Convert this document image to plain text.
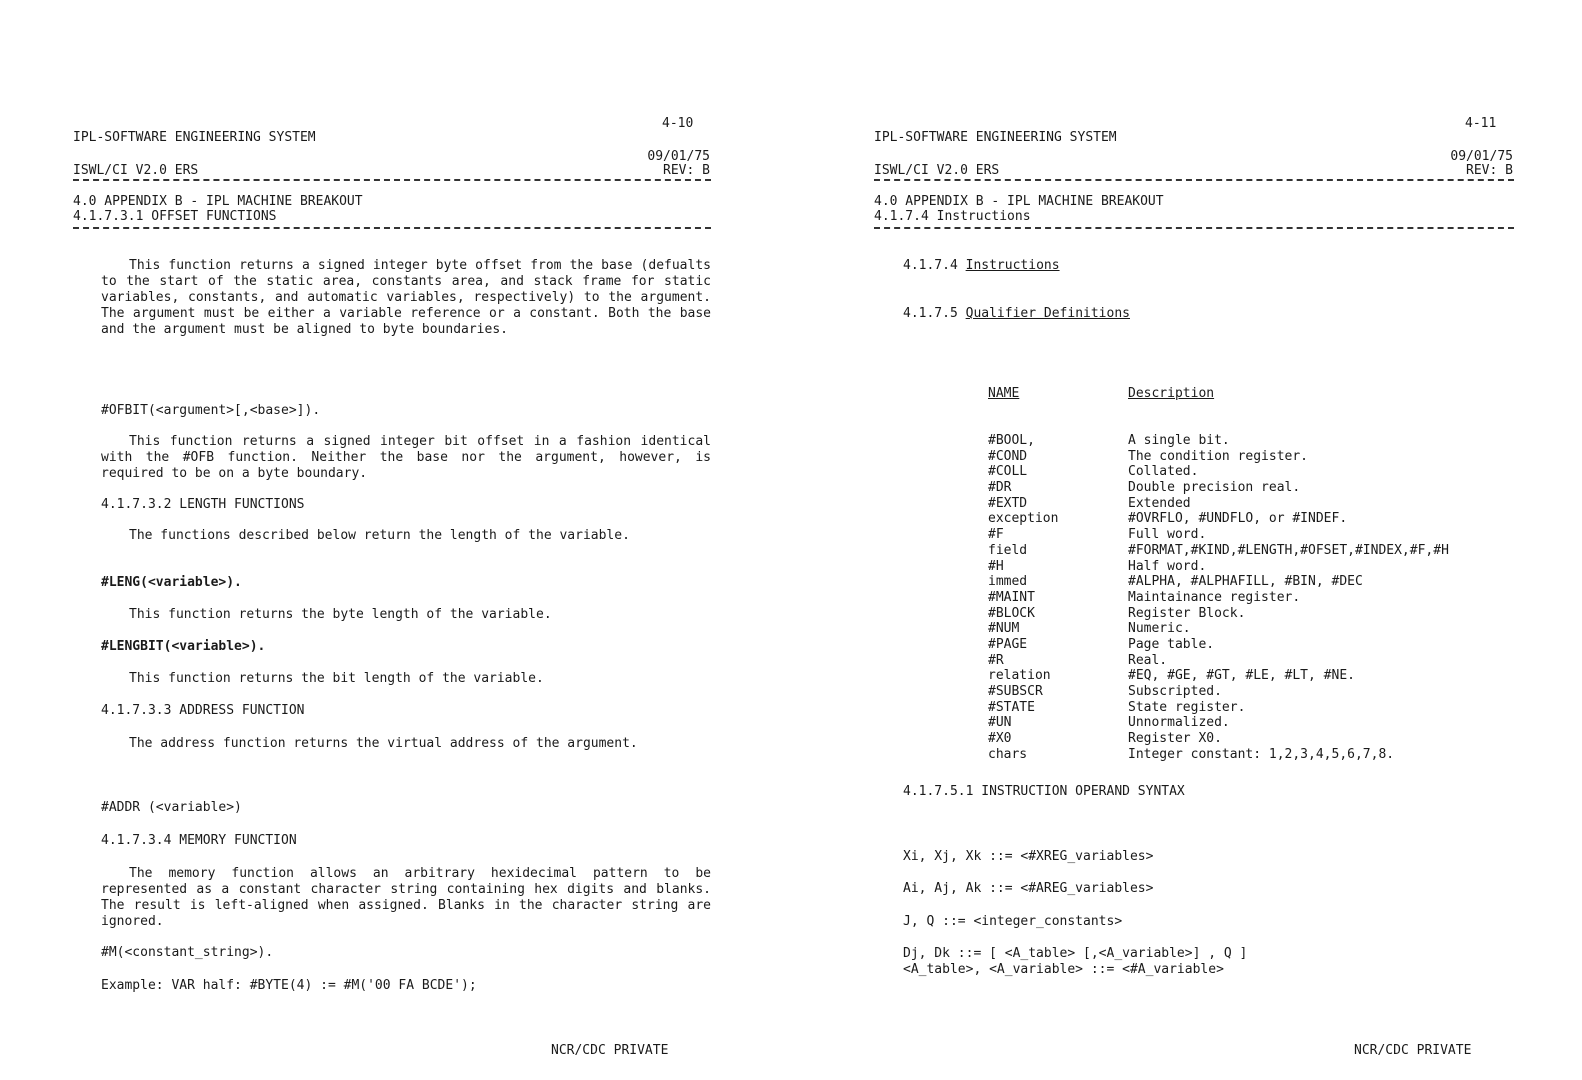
4-10
IPL-SOFTWARE ENGINEERING SYSTEM
ISWL/CI V2.0 ERS
09/01/75
REV: B
4.0 APPENDIX B - IPL MACHINE BREAKOUT
4.1.7.3.1 OFFSET FUNCTIONS

This function returns a signed integer byte offset from the base (defualts to the start of the static area, constants area, and stack frame for static variables, constants, and automatic variables, respectively) to the argument. The argument must be either a variable reference or a constant. Both the base and the argument must be aligned to byte boundaries.

#OFBIT(<argument>[,<base>]).

This function returns a signed integer bit offset in a fashion identical with the #OFB function. Neither the base nor the argument, however, is required to be on a byte boundary.

4.1.7.3.2 LENGTH FUNCTIONS

The functions described below return the length of the variable.

#LENG(<variable>).

This function returns the byte length of the variable.

#LENGBIT(<variable>).

This function returns the bit length of the variable.

4.1.7.3.3 ADDRESS FUNCTION

The address function returns the virtual address of the argument.

#ADDR (<variable>)
4.1.7.3.4 MEMORY FUNCTION

The memory function allows an arbitrary hexidecimal pattern to be represented as a constant character string containing hex digits and blanks. The result is left-aligned when assigned. Blanks in the character string are ignored.

#M(<constant_string>).
Example: VAR half: #BYTE(4) := #M('00 FA BCDE');
NCR/CDC PRIVATE
4-11
IPL-SOFTWARE ENGINEERING SYSTEM
ISWL/CI V2.0 ERS
09/01/75
REV: B
4.0 APPENDIX B - IPL MACHINE BREAKOUT
4.1.7.4 Instructions
4.1.7.4 Instructions
4.1.7.5 Qualifier Definitions
NAME	Description
#BOOL,	A single bit.
#COND	The condition register.
#COLL	Collated.
#DR	Double precision real.
#EXTD	Extended
exception	#OVRFLO, #UNDFLO, or #INDEF.
#F	Full word.
field	#FORMAT,#KIND,#LENGTH,#OFSET,#INDEX,#F,#H
#H	Half word.
immed	#ALPHA, #ALPHAFILL, #BIN, #DEC
#MAINT	Maintainance register.
#BLOCK	Register Block.
#NUM	Numeric.
#PAGE	Page table.
#R	Real.
relation	#EQ, #GE, #GT, #LE, #LT, #NE.
#SUBSCR	Subscripted.
#STATE	State register.
#UN	Unnormalized.
#X0	Register X0.
chars	Integer constant: 1,2,3,4,5,6,7,8.
4.1.7.5.1 INSTRUCTION OPERAND SYNTAX
Xi, Xj, Xk ::= <#XREG_variables>
Ai, Aj, Ak ::= <#AREG_variables>
J, Q ::= <integer_constants>
Dj, Dk ::= [ <A_table> [,<A_variable>] , Q ]
<A_table>, <A_variable> ::= <#A_variable>
NCR/CDC PRIVATE
